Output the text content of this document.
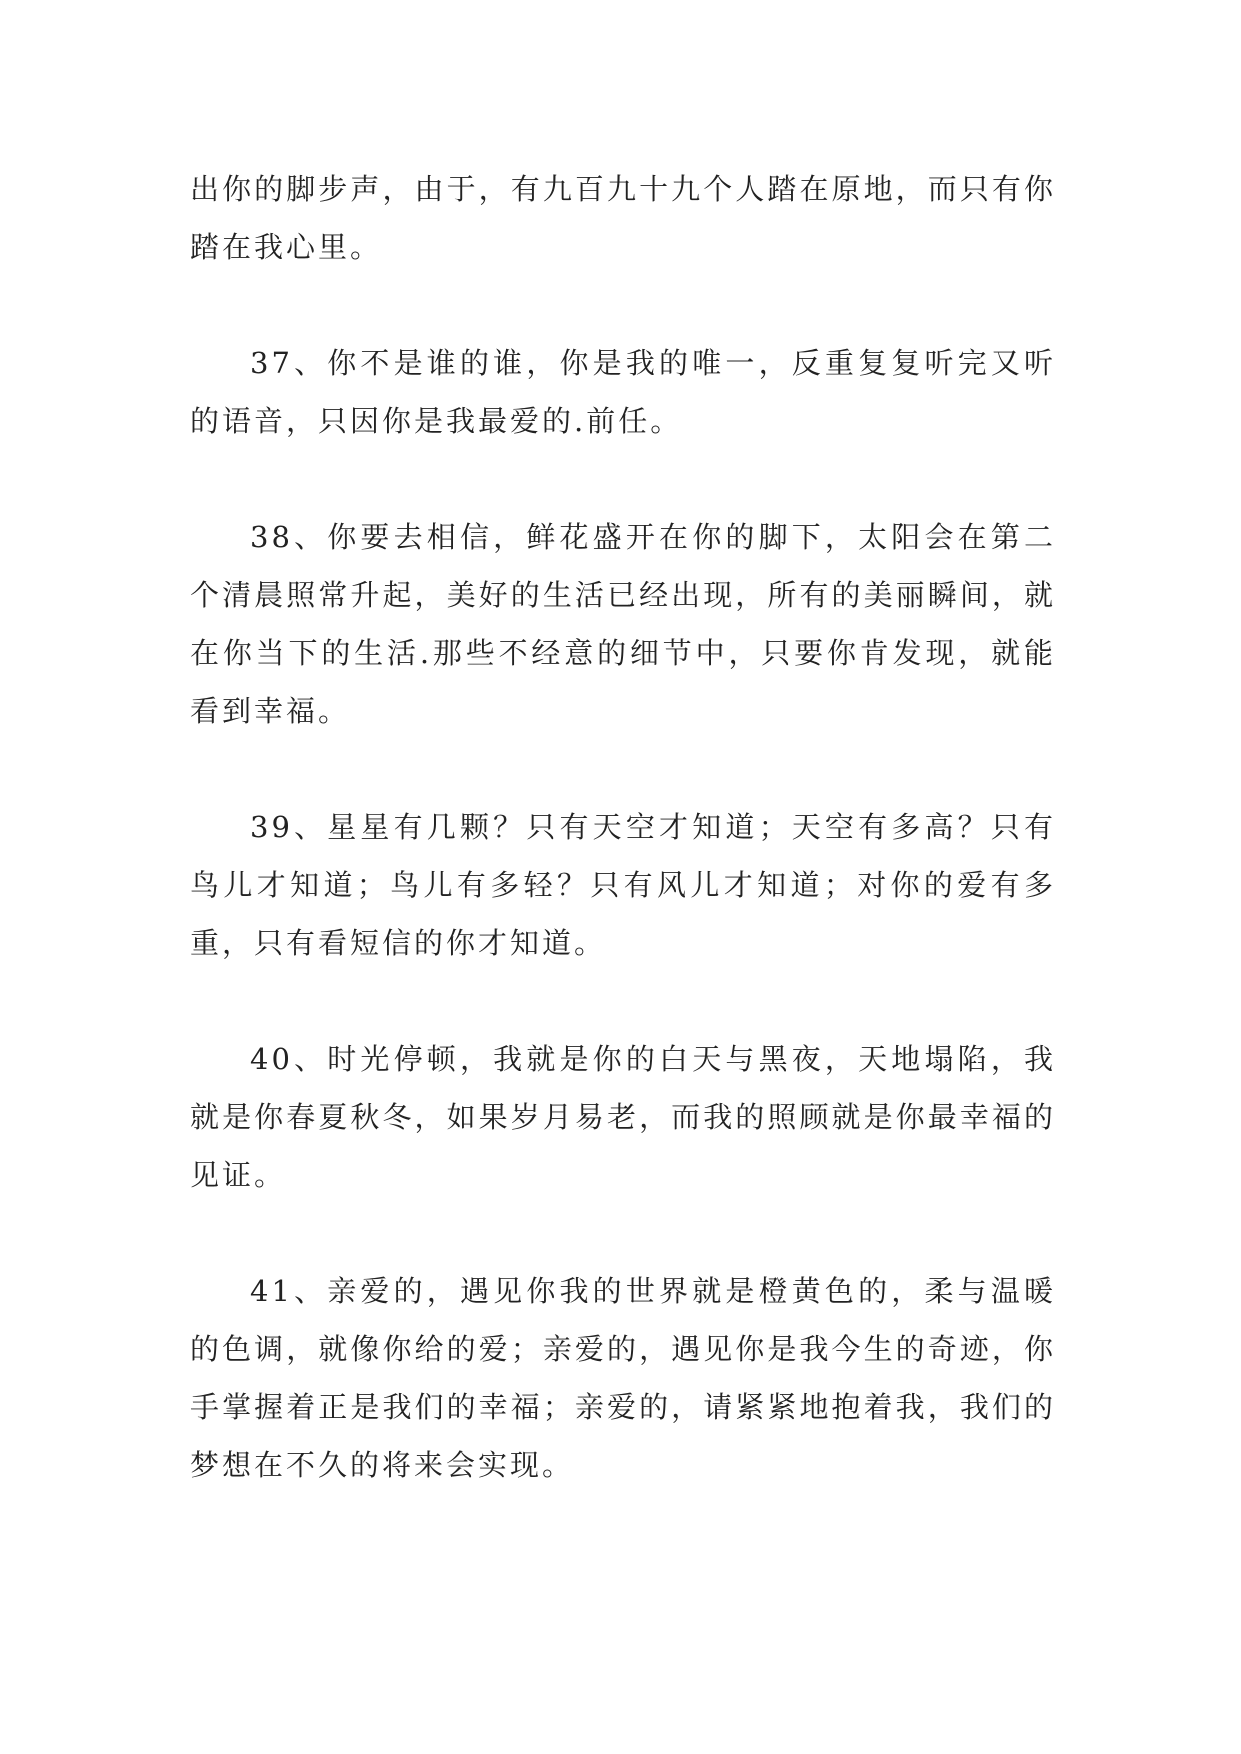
出你的脚步声，由于，有九百九十九个人踏在原地，而只有你踏在我心里。

37、你不是谁的谁，你是我的唯一，反重复复听完又听的语音，只因你是我最爱的.前任。

38、你要去相信，鲜花盛开在你的脚下，太阳会在第二个清晨照常升起，美好的生活已经出现，所有的美丽瞬间，就在你当下的生活.那些不经意的细节中，只要你肯发现，就能看到幸福。

39、星星有几颗？只有天空才知道；天空有多高？只有鸟儿才知道；鸟儿有多轻？只有风儿才知道；对你的爱有多重，只有看短信的你才知道。

40、时光停顿，我就是你的白天与黑夜，天地塌陷，我就是你春夏秋冬，如果岁月易老，而我的照顾就是你最幸福的见证。

41、亲爱的，遇见你我的世界就是橙黄色的，柔与温暖的色调，就像你给的爱；亲爱的，遇见你是我今生的奇迹，你手掌握着正是我们的幸福；亲爱的，请紧紧地抱着我，我们的梦想在不久的将来会实现。
